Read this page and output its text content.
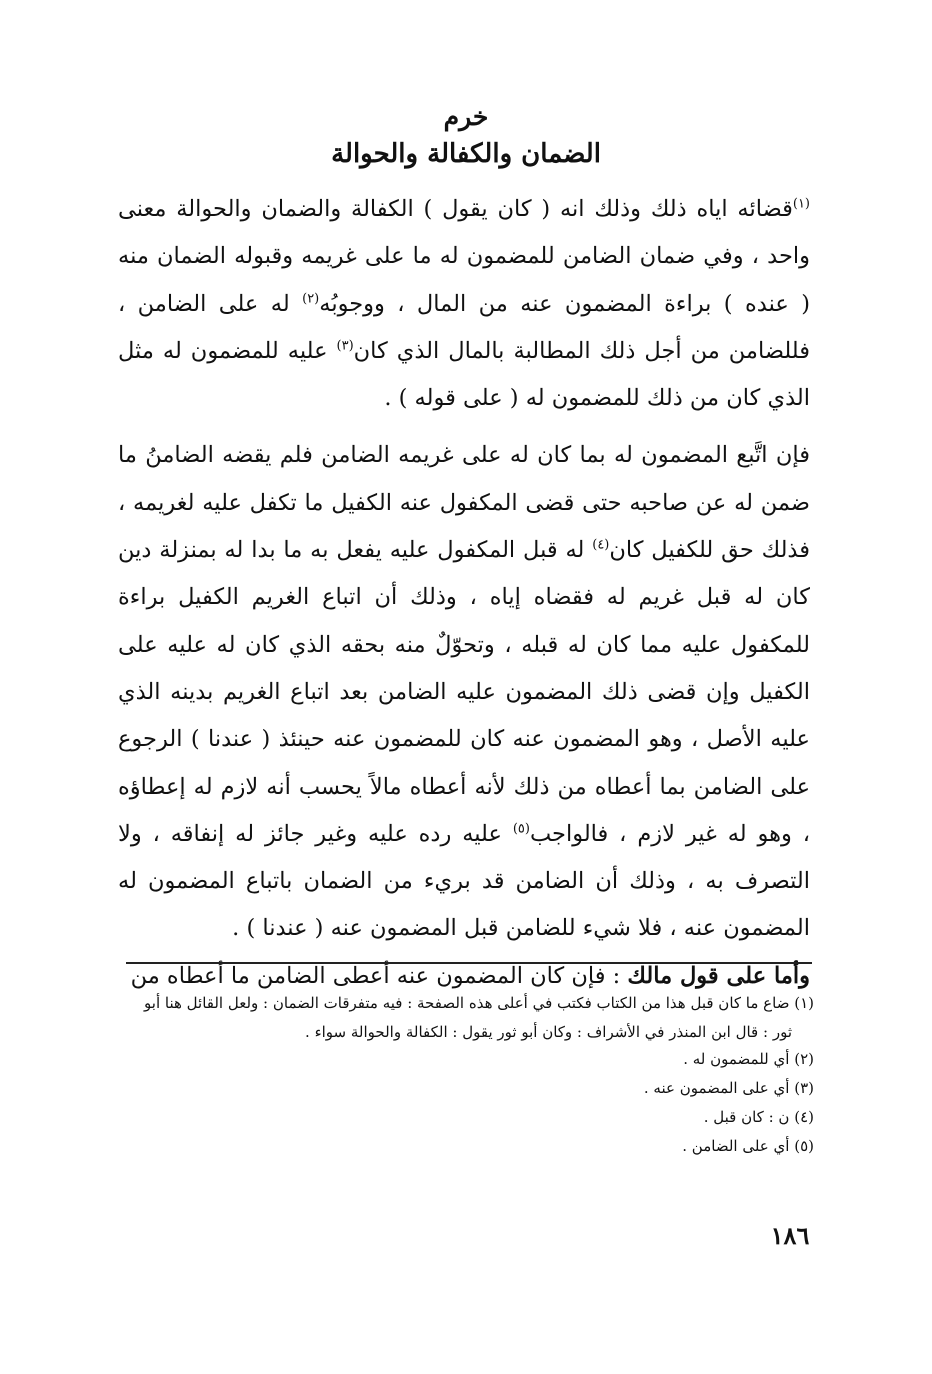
خرم

الضمان والكفالة والحوالة

$^{(١)}$قضائه اياه ذلك وذلك انه ( كان يقول ) الكفالة والضمان والحوالة معنى واحد ، وفي ضمان الضامن للمضمون له ما على غريمه وقبوله الضمان منه ( عنده ) براءة المضمون عنه من المال ، ووجوبُه$^{(٢)}$ له على الضامن ، فللضامن من أجل ذلك المطالبة بالمال الذي كان$^{(٣)}$ عليه للمضمون له مثل الذي كان من ذلك للمضمون له ( على قوله ) .

فإن اتَّبع المضمون له بما كان له على غريمه الضامن فلم يقضه الضامنُ ما ضمن له عن صاحبه حتى قضى المكفول عنه الكفيل ما تكفل عليه لغريمه ، فذلك حق للكفيل كان$^{(٤)}$ له قبل المكفول عليه يفعل به ما بدا له بمنزلة دين كان له قبل غريم له فقضاه إياه ، وذلك أن اتباع الغريم الكفيل براءة للمكفول عليه مما كان له قبله ، وتحوّلٌ منه بحقه الذي كان له عليه على الكفيل وإن قضى ذلك المضمون عليه الضامن بعد اتباع الغريم بدينه الذي عليه الأصل ، وهو المضمون عنه كان للمضمون عنه حينئذ ( عندنا ) الرجوع على الضامن بما أعطاه من ذلك لأنه أعطاه مالاً يحسب أنه لازم له إعطاؤه ، وهو له غير لازم ، فالواجب$^{(٥)}$ عليه رده عليه وغير جائز له إنفاقه ، ولا التصرف به ، وذلك أن الضامن قد بريء من الضمان باتباع المضمون له المضمون عنه ، فلا شيء للضامن قبل المضمون عنه ( عندنا ) .

وأما على قول مالك : فإن كان المضمون عنه أعطى الضامن ما أعطاه من

(١) ضاع ما كان قبل هذا من الكتاب فكتب في أعلى هذه الصفحة : فيه متفرقات الضمان : ولعل القائل هنا أبو

ثور : قال ابن المنذر في الأشراف : وكان أبو ثور يقول : الكفالة والحوالة سواء .

(٢) أي للمضمون له .

(٣) أي على المضمون عنه .

(٤) ن : كان قبل .

(٥) أي على الضامن .

١٨٦
